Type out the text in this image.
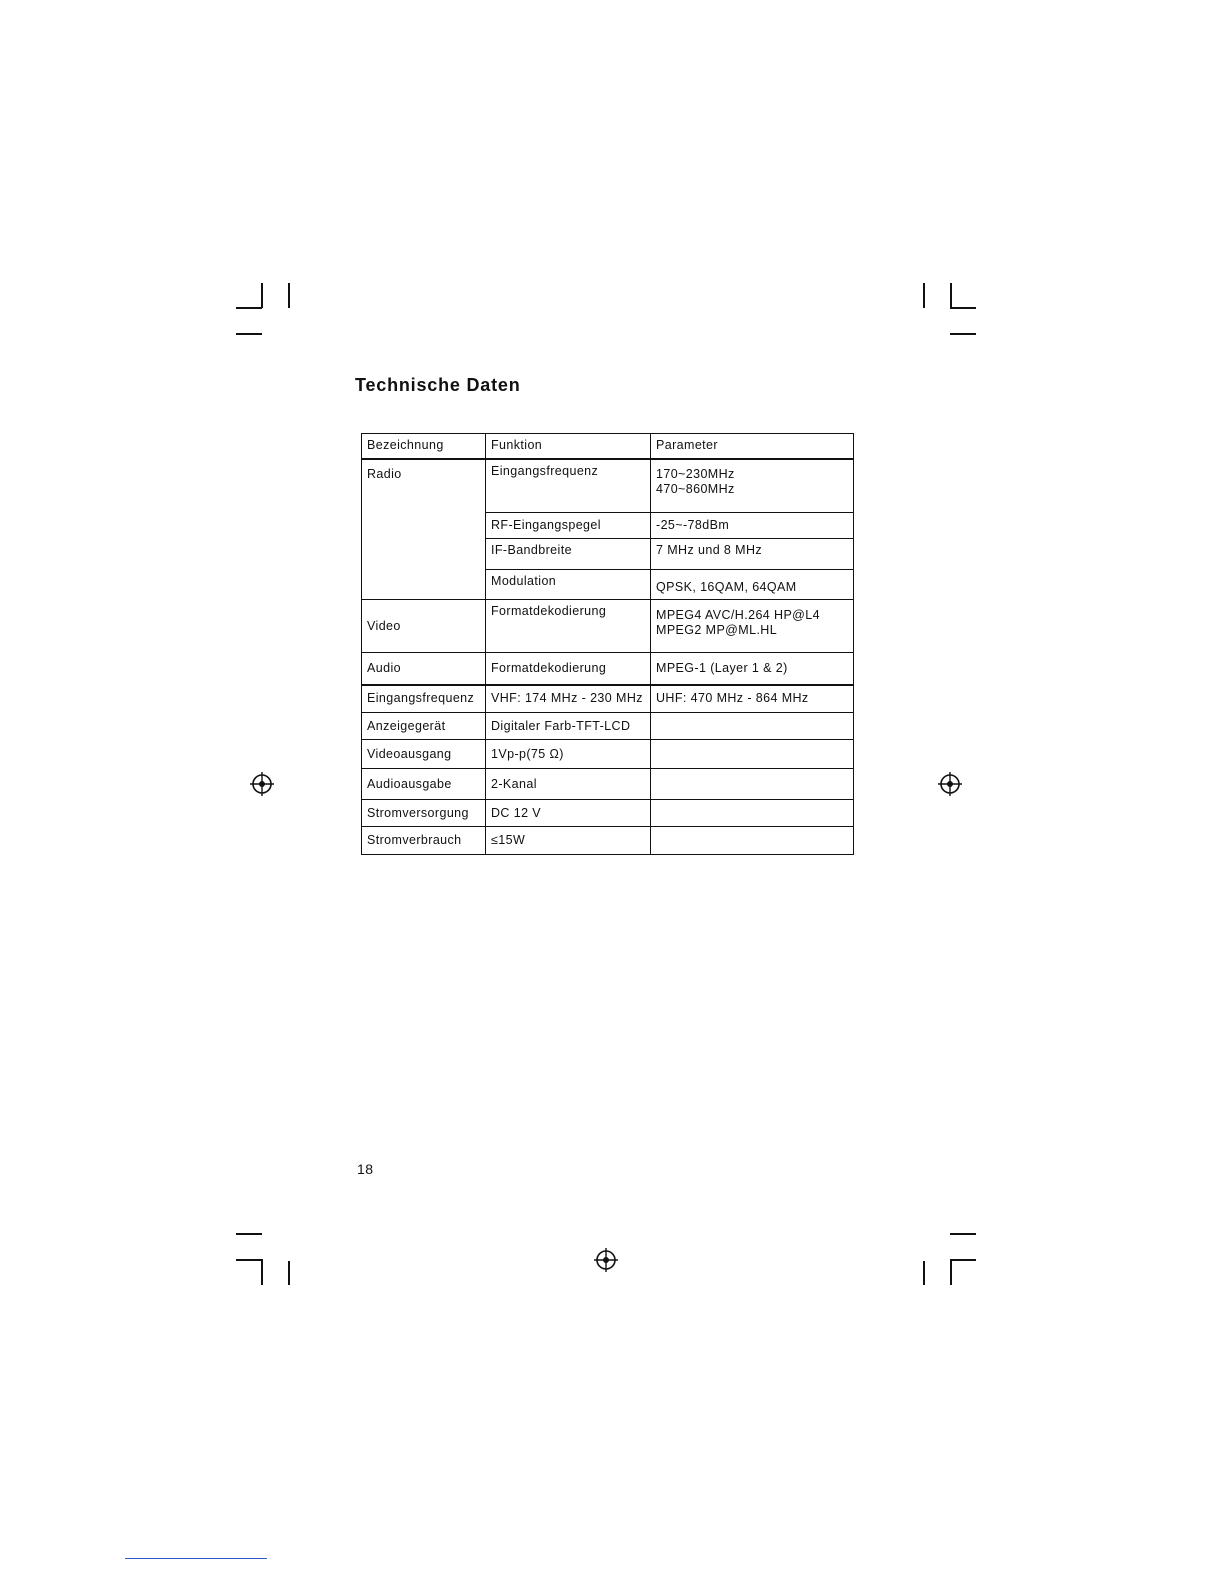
Technische Daten
Bezeichnung	Funktion	Parameter
Radio	Eingangsfrequenz	170~230MHz
470~860MHz

	RF-Eingangspegel	-25~-78dBm
	IF-Bandbreite	7 MHz und 8 MHz
	Modulation	QPSK, 16QAM, 64QAM
Video	Formatdekodierung	MPEG4 AVC/H.264 HP@L4
MPEG2 MP@ML.HL

Audio	Formatdekodierung	MPEG-1 (Layer 1 & 2)
Eingangsfrequenz	VHF: 174 MHz - 230 MHz	UHF: 470 MHz - 864 MHz
Anzeigegerät	Digitaler Farb-TFT-LCD	
Videoausgang	1Vp-p(75 Ω)	
Audioausgabe	2-Kanal	
Stromversorgung	DC 12 V	
Stromverbrauch	≤15W	
18
